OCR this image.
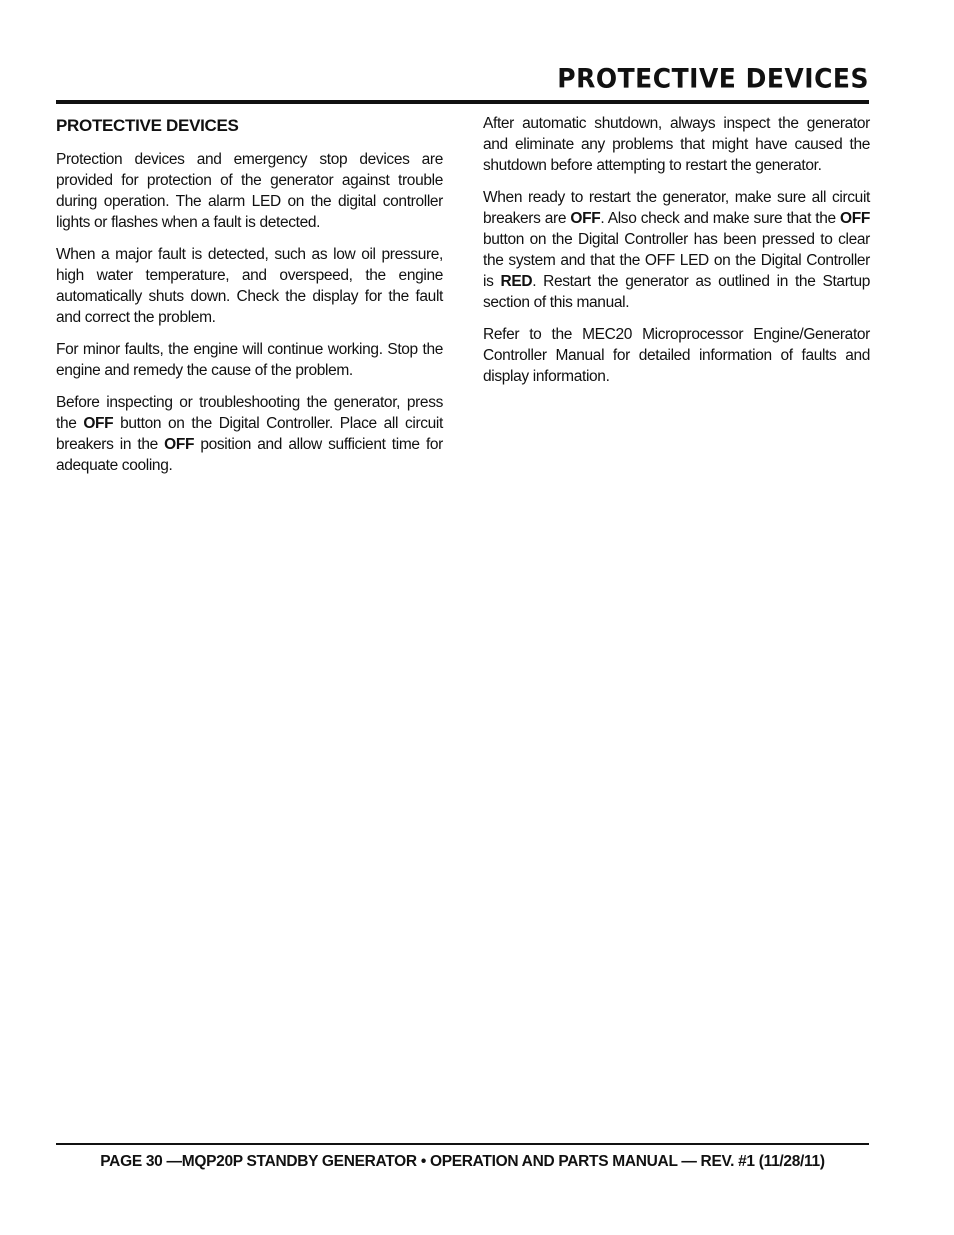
PROTECTIVE DEVICES
PROTECTIVE DEVICES

Protection devices and emergency stop devices are provided for protection of the generator against trouble during operation. The alarm LED on the digital controller lights or flashes when a fault is detected.

When a major fault is detected, such as low oil pressure, high water temperature, and overspeed, the engine automatically shuts down. Check the display for the fault and correct the problem.

For minor faults, the engine will continue working. Stop the engine and remedy the cause of the problem.

Before inspecting or troubleshooting the generator, press the OFF button on the Digital Controller. Place all circuit breakers in the OFF position and allow sufficient time for adequate cooling.

After automatic shutdown, always inspect the generator and eliminate any problems that might have caused the shutdown before attempting to restart the generator.

When ready to restart the generator, make sure all circuit breakers are OFF. Also check and make sure that the OFF button on the Digital Controller has been pressed to clear the system and that the OFF LED on the Digital Controller is RED. Restart the generator as outlined in the Startup section of this manual.

Refer to the MEC20 Microprocessor Engine/Generator Controller Manual for detailed information of faults and display information.

PAGE 30 —MQP20P STANDBY GENERATOR • OPERATION AND PARTS MANUAL — REV. #1 (11/28/11)
